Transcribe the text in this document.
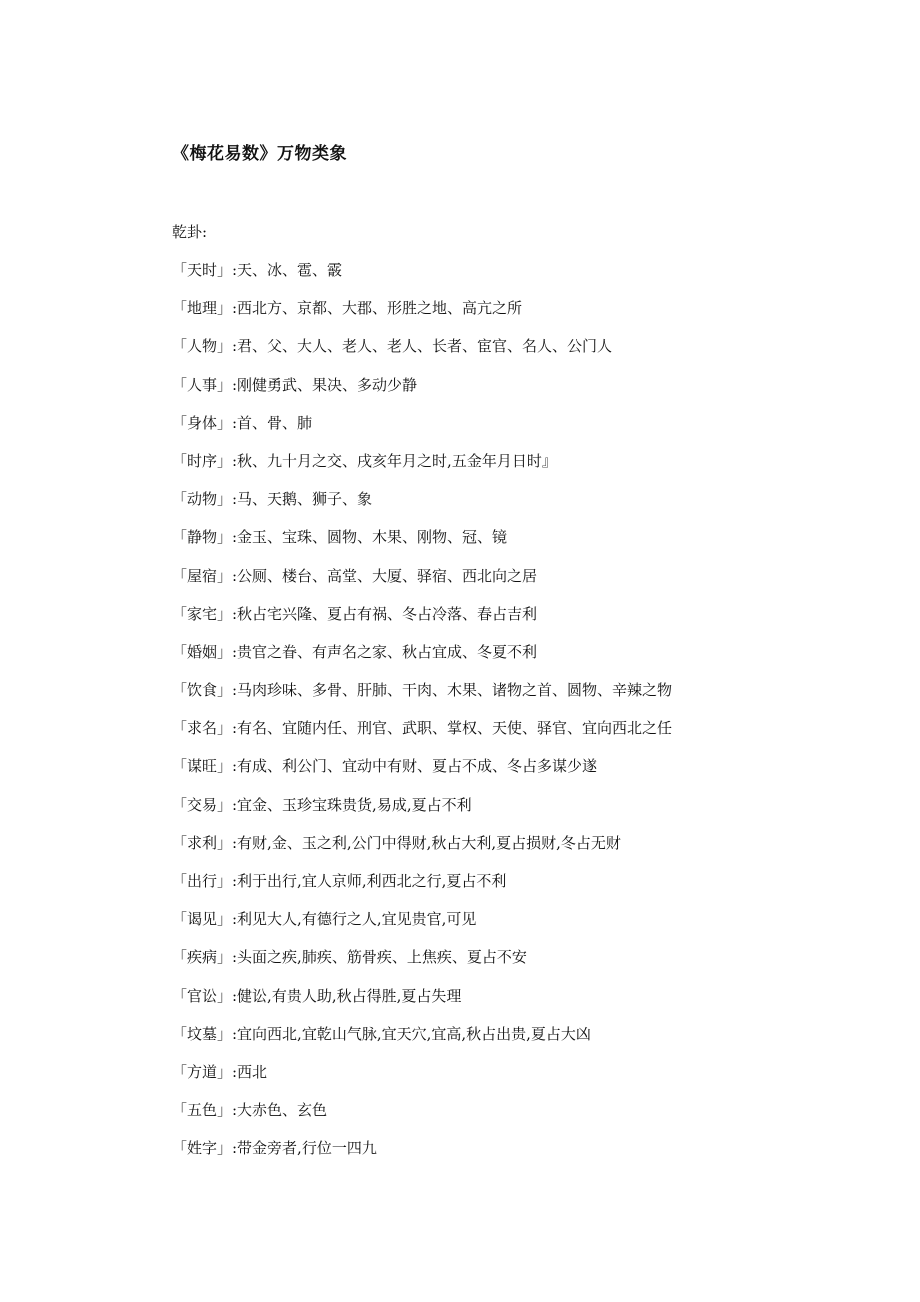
《梅花易数》万物类象
乾卦:
「天时」:天、冰、雹、霰
「地理」:西北方、京都、大郡、形胜之地、高亢之所
「人物」:君、父、大人、老人、老人、长者、宦官、名人、公门人
「人事」:刚健勇武、果决、多动少静
「身体」:首、骨、肺
「时序」:秋、九十月之交、戌亥年月之时,五金年月日时』
「动物」:马、天鹅、狮子、象
「静物」:金玉、宝珠、圆物、木果、刚物、冠、镜
「屋宿」:公厕、楼台、高堂、大厦、驿宿、西北向之居
「家宅」:秋占宅兴隆、夏占有祸、冬占冷落、春占吉利
「婚姻」:贵官之眷、有声名之家、秋占宜成、冬夏不利
「饮食」:马肉珍味、多骨、肝肺、干肉、木果、诸物之首、圆物、辛辣之物
「求名」:有名、宜随内任、刑官、武职、掌权、天使、驿官、宜向西北之任
「谋旺」:有成、利公门、宜动中有财、夏占不成、冬占多谋少遂
「交易」:宜金、玉珍宝珠贵货,易成,夏占不利
「求利」:有财,金、玉之利,公门中得财,秋占大利,夏占损财,冬占无财
「出行」:利于出行,宜人京师,利西北之行,夏占不利
「谒见」:利见大人,有德行之人,宜见贵官,可见
「疾病」:头面之疾,肺疾、筋骨疾、上焦疾、夏占不安
「官讼」:健讼,有贵人助,秋占得胜,夏占失理
「坟墓」:宜向西北,宜乾山气脉,宜天穴,宜高,秋占出贵,夏占大凶
「方道」:西北
「五色」:大赤色、玄色
「姓字」:带金旁者,行位一四九
